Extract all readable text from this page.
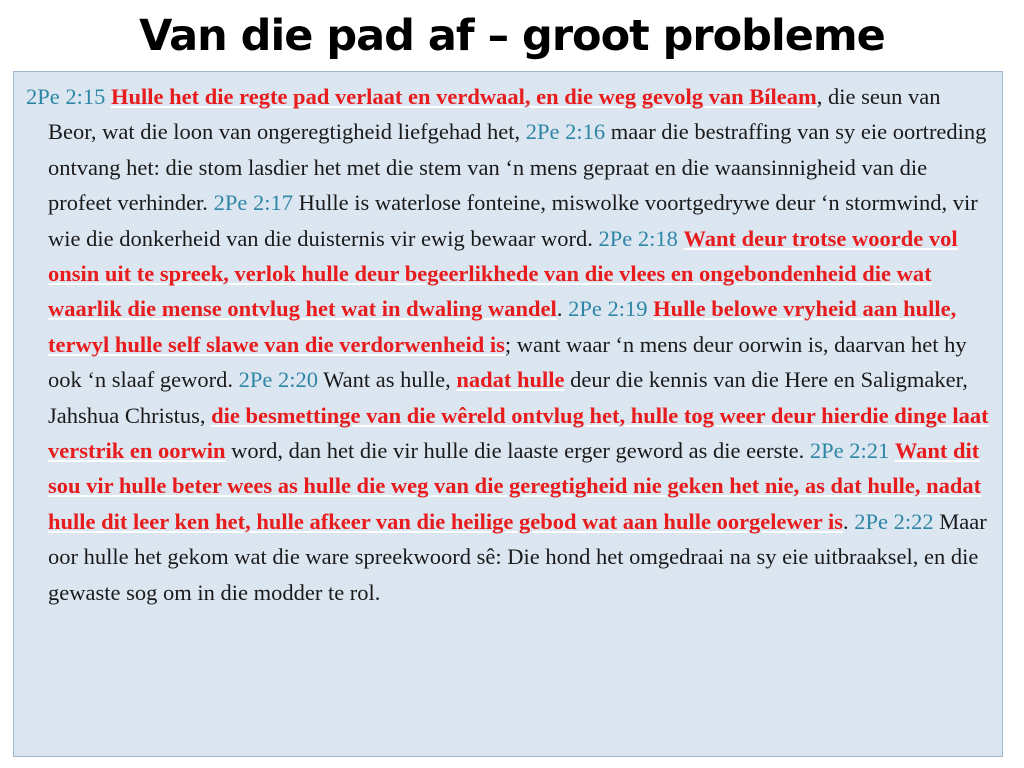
Van die pad af – groot probleme

2Pe 2:15 Hulle het die regte pad verlaat en verdwaal, en die weg gevolg van Bíleam, die seun van Beor, wat die loon van ongeregtigheid liefgehad het, 2Pe 2:16 maar die bestraffing van sy eie oortreding ontvang het: die stom lasdier het met die stem van ‘n mens gepraat en die waansinnigheid van die profeet verhinder. 2Pe 2:17 Hulle is waterlose fonteine, miswolke voortgedrywe deur ‘n stormwind, vir wie die donkerheid van die duisternis vir ewig bewaar word. 2Pe 2:18 Want deur trotse woorde vol onsin uit te spreek, verlok hulle deur begeerlikhede van die vlees en ongebondenheid die wat waarlik die mense ontvlug het wat in dwaling wandel. 2Pe 2:19 Hulle belowe vryheid aan hulle, terwyl hulle self slawe van die verdorwenheid is; want waar ‘n mens deur oorwin is, daarvan het hy ook ‘n slaaf geword. 2Pe 2:20 Want as hulle, nadat hulle deur die kennis van die Here en Saligmaker, Jahshua Christus, die besmettinge van die wêreld ontvlug het, hulle tog weer deur hierdie dinge laat verstrik en oorwin word, dan het die vir hulle die laaste erger geword as die eerste. 2Pe 2:21 Want dit sou vir hulle beter wees as hulle die weg van die geregtigheid nie geken het nie, as dat hulle, nadat hulle dit leer ken het, hulle afkeer van die heilige gebod wat aan hulle oorgelewer is. 2Pe 2:22 Maar oor hulle het gekom wat die ware spreekwoord sê: Die hond het omgedraai na sy eie uitbraaksel, en die gewaste sog om in die modder te rol.
